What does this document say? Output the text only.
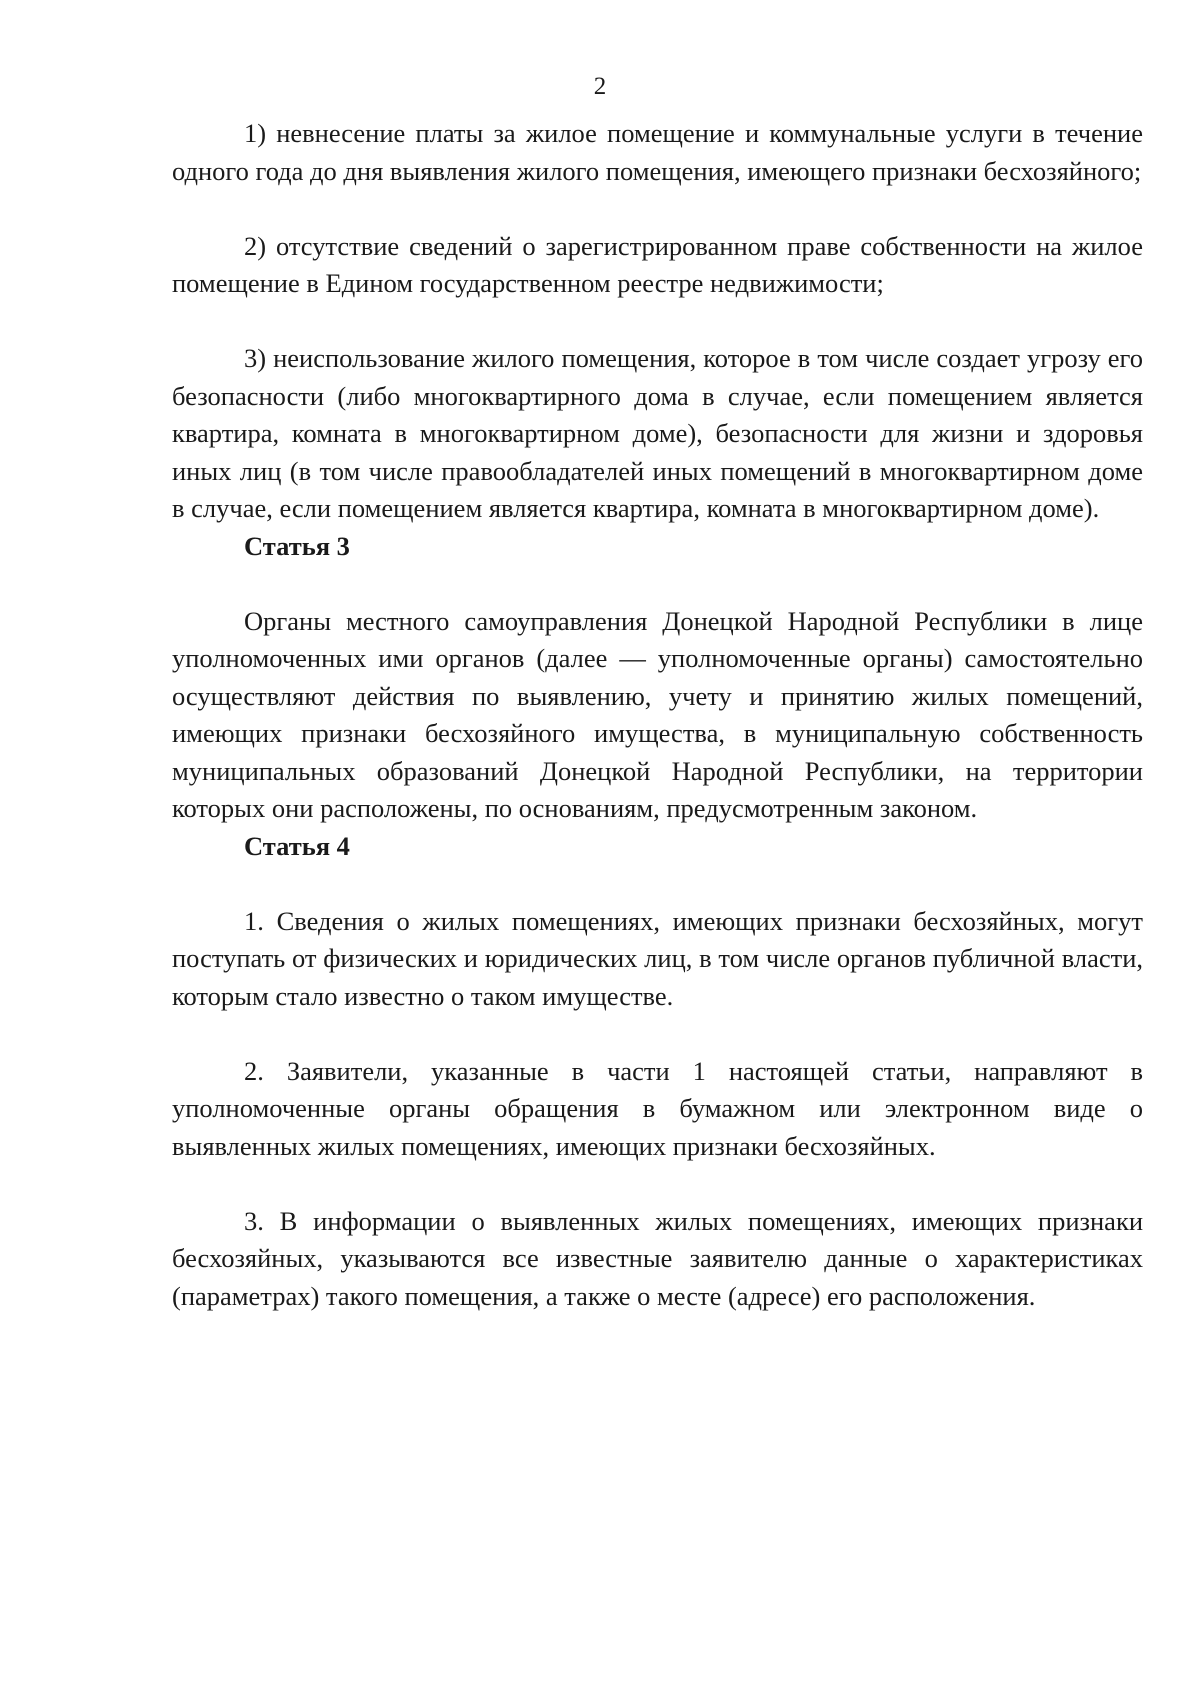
2

1) невнесение платы за жилое помещение и коммунальные услуги в течение одного года до дня выявления жилого помещения, имеющего признаки бесхозяйного;

2) отсутствие сведений о зарегистрированном праве собственности на жилое помещение в Едином государственном реестре недвижимости;

3) неиспользование жилого помещения, которое в том числе создает угрозу его безопасности (либо многоквартирного дома в случае, если помещением является квартира, комната в многоквартирном доме), безопасности для жизни и здоровья иных лиц (в том числе правообладателей иных помещений в многоквартирном доме в случае, если помещением является квартира, комната в многоквартирном доме).

Статья 3

Органы местного самоуправления Донецкой Народной Республики в лице уполномоченных ими органов (далее — уполномоченные органы) самостоятельно осуществляют действия по выявлению, учету и принятию жилых помещений, имеющих признаки бесхозяйного имущества, в муниципальную собственность муниципальных образований Донецкой Народной Республики, на территории которых они расположены, по основаниям, предусмотренным законом.

Статья 4

1. Сведения о жилых помещениях, имеющих признаки бесхозяйных, могут поступать от физических и юридических лиц, в том числе органов публичной власти, которым стало известно о таком имуществе.

2. Заявители, указанные в части 1 настоящей статьи, направляют в уполномоченные органы обращения в бумажном или электронном виде о выявленных жилых помещениях, имеющих признаки бесхозяйных.

3. В информации о выявленных жилых помещениях, имеющих признаки бесхозяйных, указываются все известные заявителю данные о характеристиках (параметрах) такого помещения, а также о месте (адресе) его расположения.
